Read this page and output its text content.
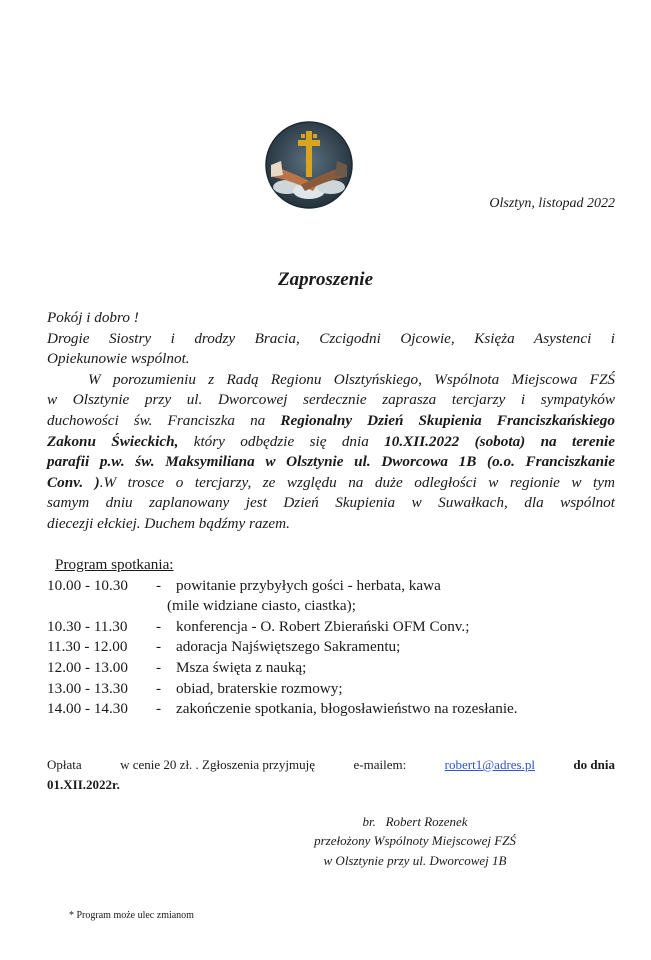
Olsztyn, listopad 2022
Zaproszenie

Pokój i dobro !

Drogie Siostry i drodzy Bracia, Czcigodni Ojcowie, Księża Asystenci i

Opiekunowie wspólnot.

W porozumieniu z Radą Regionu Olsztyńskiego, Wspólnota Miejscowa FZŚ

w Olsztynie przy ul. Dworcowej serdecznie zaprasza tercjarzy i sympatyków

duchowości św. Franciszka na Regionalny Dzień Skupienia Franciszkańskiego

Zakonu Świeckich, który odbędzie się dnia 10.XII.2022 (sobota) na terenie

parafii p.w. św. Maksymiliana w Olsztynie ul. Dworcowa 1B (o.o. Franciszkanie

Conv. ).W trosce o tercjarzy, ze względu na duże odległości w regionie w tym

samym dniu zaplanowany jest Dzień Skupienia w Suwałkach, dla wspólnot

diecezji ełckiej. Duchem bądźmy razem.

Program spotkania:
10.00 - 10.30	- powitanie przybyłych gości - herbata, kawa
(mile widziane ciasto, ciastka);
10.30 - 11.30	- konferencja - O. Robert Zbierański OFM Conv.;
11.30 - 12.00	- adoracja Najświętszego Sakramentu;
12.00 - 13.00	- Msza święta z nauką;
13.00 - 13.30	- obiad, braterskie rozmowy;
14.00 - 14.30	- zakończenie spotkania, błogosławieństwo na rozesłanie.
Opłata	w cenie 20 zł. . Zgłoszenia przyjmuję	e-mailem:	robert1@adres.pl	do dnia
01.XII.2022r.
br.   Robert Rozenek
przełożony Wspólnoty Miejscowej FZŚ
w Olsztynie przy ul. Dworcowej 1B
* Program może ulec zmianom
